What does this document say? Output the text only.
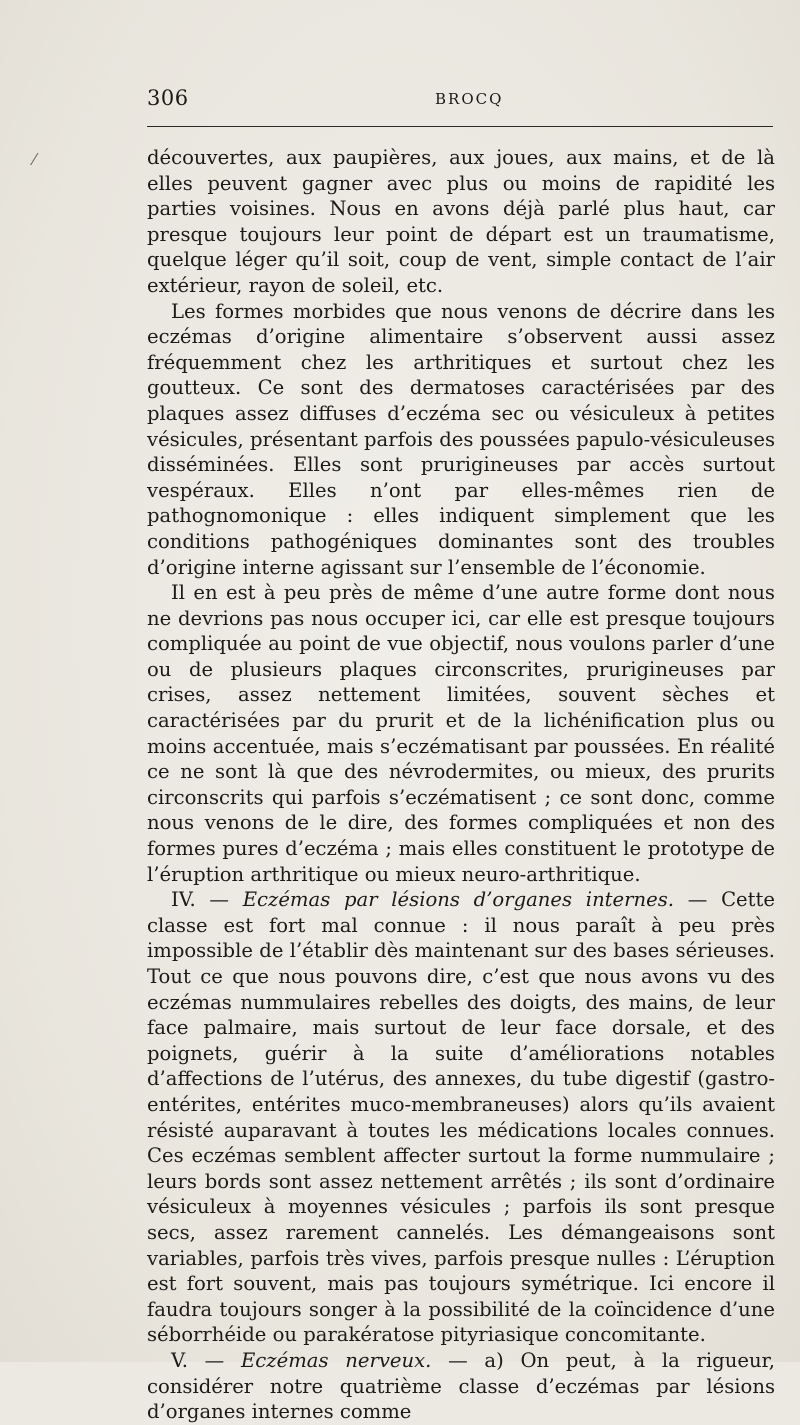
⁄
306	BROCQ

découvertes, aux paupières, aux joues, aux mains, et de là elles peuvent gagner avec plus ou moins de rapidité les parties voisines. Nous en avons déjà parlé plus haut, car presque toujours leur point de départ est un traumatisme, quelque léger qu’il soit, coup de vent, simple contact de l’air extérieur, rayon de soleil, etc.

Les formes morbides que nous venons de décrire dans les eczémas d’origine alimentaire s’observent aussi assez fréquemment chez les arthritiques et surtout chez les goutteux. Ce sont des dermatoses caractérisées par des plaques assez diffuses d’eczéma sec ou vésiculeux à petites vésicules, présentant parfois des poussées papulo-vésiculeuses disséminées. Elles sont prurigineuses par accès surtout vespéraux. Elles n’ont par elles-mêmes rien de pathognomonique : elles indiquent simplement que les conditions pathogéniques dominantes sont des troubles d’origine interne agissant sur l’ensemble de l’économie.

Il en est à peu près de même d’une autre forme dont nous ne devrions pas nous occuper ici, car elle est presque toujours compliquée au point de vue objectif, nous voulons parler d’une ou de plusieurs plaques circonscrites, prurigineuses par crises, assez nettement limitées, souvent sèches et caractérisées par du prurit et de la lichénification plus ou moins accentuée, mais s’eczématisant par poussées. En réalité ce ne sont là que des névrodermites, ou mieux, des prurits circonscrits qui parfois s’eczématisent ; ce sont donc, comme nous venons de le dire, des formes compliquées et non des formes pures d’eczéma ; mais elles constituent le prototype de l’éruption arthritique ou mieux neuro-arthritique.

IV. — Eczémas par lésions d’organes internes. — Cette classe est fort mal connue : il nous paraît à peu près impossible de l’établir dès maintenant sur des bases sérieuses. Tout ce que nous pouvons dire, c’est que nous avons vu des eczémas nummulaires rebelles des doigts, des mains, de leur face palmaire, mais surtout de leur face dorsale, et des poignets, guérir à la suite d’améliorations notables d’affections de l’utérus, des annexes, du tube digestif (gastro-entérites, entérites muco-membraneuses) alors qu’ils avaient résisté auparavant à toutes les médications locales connues. Ces eczémas semblent affecter surtout la forme nummulaire ; leurs bords sont assez nettement arrêtés ; ils sont d’ordinaire vésiculeux à moyennes vésicules ; parfois ils sont presque secs, assez rarement cannelés. Les démangeaisons sont variables, parfois très vives, parfois presque nulles : L’éruption est fort souvent, mais pas toujours symétrique. Ici encore il faudra toujours songer à la possibilité de la coïncidence d’une séborrhéide ou parakératose pityriasique concomitante.

V. — Eczémas nerveux. — a) On peut, à la rigueur, considérer notre quatrième classe d’eczémas par lésions d’organes internes comme
